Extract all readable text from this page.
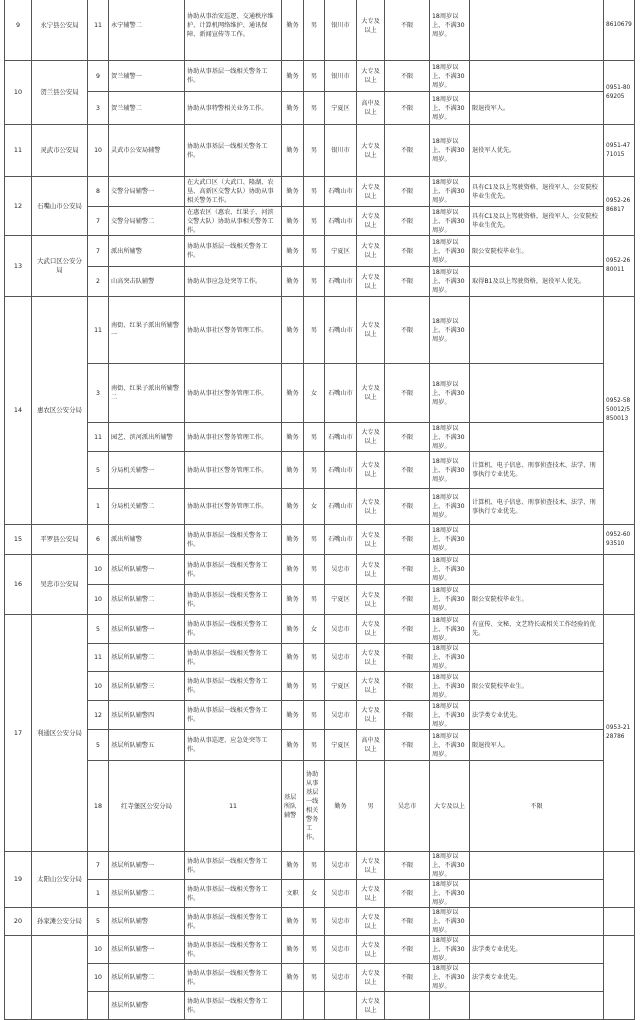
9	永宁县公安局	11	永宁辅警二	协助从事治安巡逻、交通秩序维护、计算机网络维护、通讯保障、新闻宣传等工作。	勤务	男	银川市	大专及以上	不限	18周岁以上，不满30周岁。		8610679	
10	贺兰县公安局	9	贺兰辅警一	协助从事基层一线相关警务工作。	勤务	男	银川市	大专及以上	不限	18周岁以上，不满30周岁。		0951-8069205	
		3	贺兰辅警二	协助从事特警相关业务工作。	勤务	男	宁夏区	高中及以上	不限	18周岁以上，不满30周岁。	限退役军人。		
11	灵武市公安局	10	灵武市公安局辅警	协助从事基层一线相关警务工作。	勤务	男	银川市	大专及以上	不限	18周岁以上，不满30周岁。	退役军人优先。	0951-4771015	
12	石嘴山市公安局	8	交警分局辅警一	在大武口区（大武口、隆湖、农垦、高新区交警大队）协助从事相关警务工作。	勤务	男	石嘴山市	大专及以上	不限	18周岁以上，不满30周岁。	具有C1及以上驾驶资格，退役军人、公安院校毕业生优先。	0952-2686817	
		7	交警分局辅警二	在惠农区（惠农、红果子、河滨交警大队）协助从事相关警务工作。	勤务	男	石嘴山市	大专及以上	不限	18周岁以上，不满30周岁。	具有C1及以上驾驶资格，退役军人、公安院校毕业生优先。		
13	大武口区公安分局	7	派出所辅警	协助从事基层一线相关警务工作。	勤务	男	宁夏区	大专及以上	不限	18周岁以上，不满30周岁。	限公安院校毕业生。	0952-2680011	
		2	山高突击队辅警	协助从事应急处突等工作。	勤务	男	石嘴山市	大专及以上	不限	18周岁以上，不满30周岁。	取得B1及以上驾驶资格，退役军人优先。		
14	惠农区公安分局	11	南街、红果子派出所辅警一	协助从事社区警务管理工作。	勤务	男	石嘴山市	大专及以上	不限	18周岁以上，不满30周岁。		0952-5850012/5850013	
		3	南街、红果子派出所辅警二	协助从事社区警务管理工作。	勤务	女	石嘴山市	大专及以上	不限	18周岁以上，不满30周岁。			
		11	园艺、滨河派出所辅警	协助从事社区警务管理工作。	勤务	男	石嘴山市	大专及以上	不限	18周岁以上，不满30周岁。			
		5	分局机关辅警一	协助从事社区警务管理工作。	勤务	男	石嘴山市	大专及以上	不限	18周岁以上，不满30周岁。	计算机、电子信息、刑事侦查技术、法学、刑事执行专业优先。		
		1	分局机关辅警二	协助从事社区警务管理工作。	勤务	女	石嘴山市	大专及以上	不限	18周岁以上，不满30周岁。	计算机、电子信息、刑事侦查技术、法学、刑事执行专业优先。		
15	平罗县公安局	6	派出所辅警	协助从事基层一线相关警务工作。	勤务	男	石嘴山市	大专及以上	不限	18周岁以上，不满30周岁。		0952-6093510	
16	吴忠市公安局	10	基层所队辅警一	协助从事基层一线相关警务工作。	勤务	男	吴忠市	大专及以上	不限	18周岁以上，不满30周岁。			
		10	基层所队辅警二	协助从事基层一线相关警务工作。	勤务	男	宁夏区	大专及以上	不限	18周岁以上，不满30周岁。	限公安院校毕业生。		
17	利通区公安分局	5	基层所队辅警一	协助从事基层一线相关警务工作。	勤务	女	吴忠市	大专及以上	不限	18周岁以上，不满30周岁。	有宣传、文秘、文艺特长或相关工作经验的优先。	0953-2128786	
		11	基层所队辅警二	协助从事基层一线相关警务工作。	勤务	男	吴忠市	大专及以上	不限	18周岁以上，不满30周岁。			
		10	基层所队辅警三	协助从事基层一线相关警务工作。	勤务	男	宁夏区	大专及以上	不限	18周岁以上，不满30周岁。	限公安院校毕业生。		
		12	基层所队辅警四	协助从事基层一线相关警务工作。	勤务	男	吴忠市	大专及以上	不限	18周岁以上，不满30周岁。	法学类专业优先。		
		5	基层所队辅警五	协助从事巡逻、应急处突等工作。	勤务	男	宁夏区	高中及以上	不限	18周岁以上，不满30周岁。	限退役军人。		
		18	红寺堡区公安分局	11	基层所队辅警	协助从事基层一线相关警务工作。	勤务	男	吴忠市	大专及以上	不限			
19	太阳山公安分局	7	基层所队辅警一	协助从事基层一线相关警务工作。	勤务	男	吴忠市	大专及以上	不限	18周岁以上，不满30周岁。			
		1	基层所队辅警二	协助从事基层一线相关警务工作。	文职	女	吴忠市	大专及以上	不限	18周岁以上，不满30周岁。			
20	孙家滩公安分局	5	基层所队辅警	协助从事基层一线相关警务工作。	勤务	男	吴忠市	大专及以上	不限	18周岁以上，不满30周岁。			
		10	基层所队辅警一	协助从事基层一线相关警务工作。	勤务	男	吴忠市	大专及以上	不限	18周岁以上，不满30周岁。	法学类专业优先。		
		10	基层所队辅警二	协助从事基层一线相关警务工作。	勤务	男	吴忠市	大专及以上	不限	18周岁以上，不满30周岁。	法学类专业优先。		
			基层所队辅警	协助从事基层一线相关警务工作。				大专及以上					
